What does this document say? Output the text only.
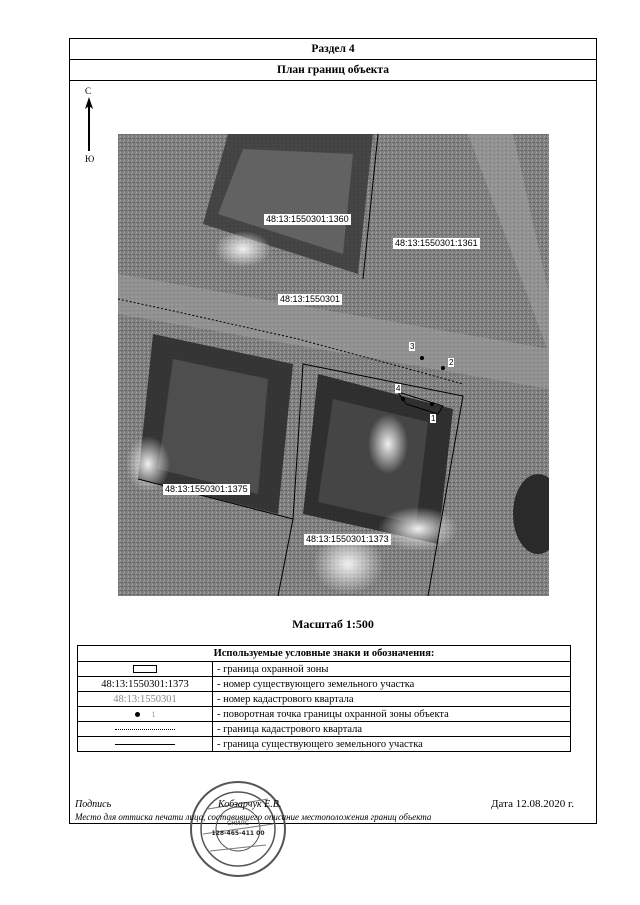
Раздел 4
План границ объекта
С
Ю
48:13:1550301:1360
48:13:1550301:1361
48:13:1550301
48:13:1550301:1375
48:13:1550301:1373
1
2
3
4
Масштаб 1:500
Используемые условные знаки и обозначения:	
	- граница охранной зоны
48:13:1550301:1373	- номер существующего земельного участка
48:13:1550301	- номер кадастрового квартала
1	- поворотная точка границы охранной зоны объекта
	- граница кадастрового квартала
	- граница существующего земельного участка
СНИЛС
128-465-411 00
Подпись	Кобзарчук Е.В.	Дата 12.08.2020 г.
Место для оттиска печати лица, составившего описание местоположения границ объекта
